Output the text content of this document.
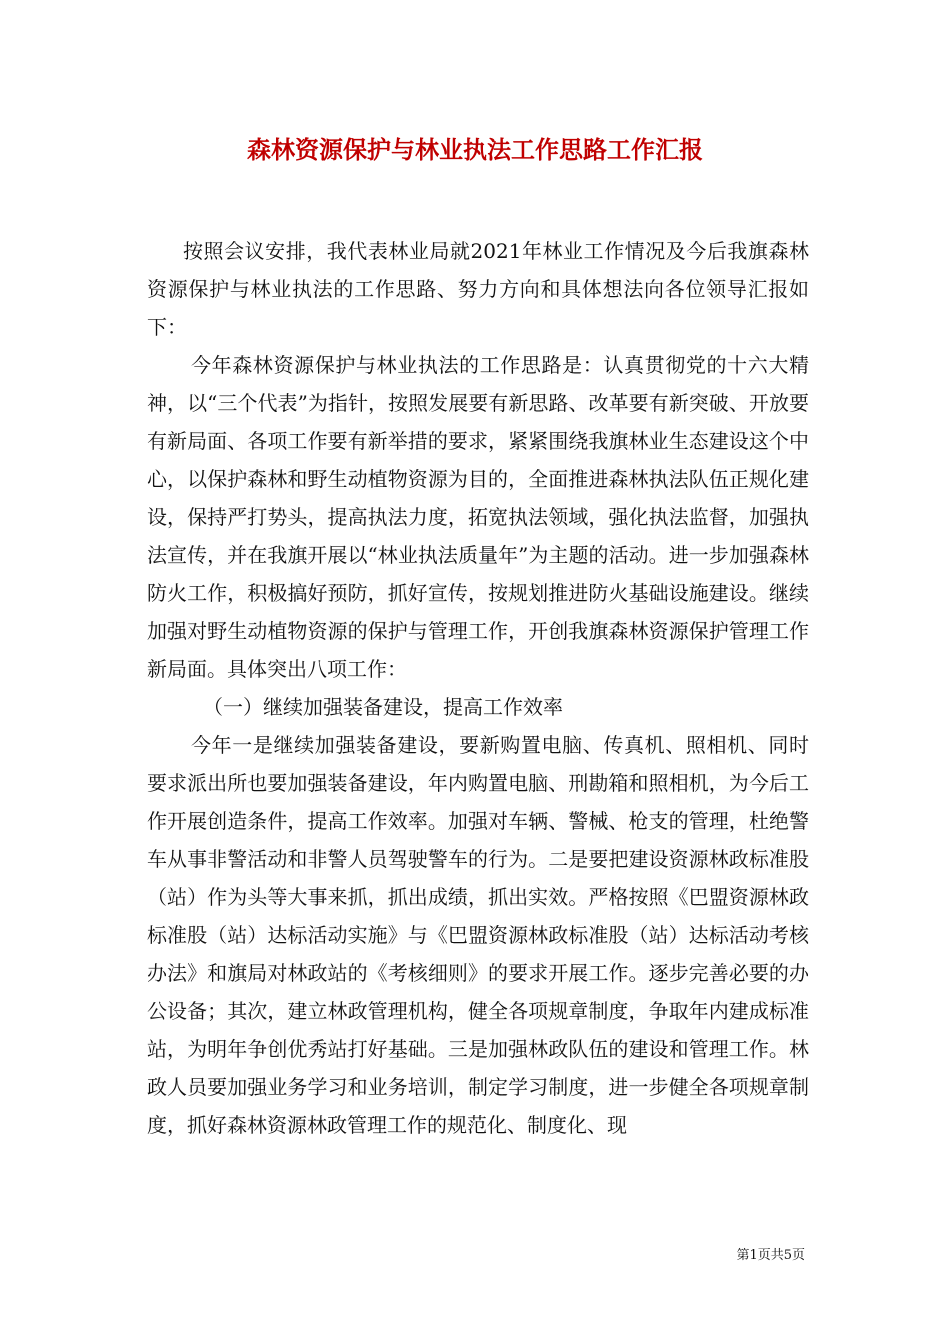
森林资源保护与林业执法工作思路工作汇报

按照会议安排，我代表林业局就2021年林业工作情况及今后我旗森林资源保护与林业执法的工作思路、努力方向和具体想法向各位领导汇报如下：

今年森林资源保护与林业执法的工作思路是：认真贯彻党的十六大精神，以“三个代表”为指针，按照发展要有新思路、改革要有新突破、开放要有新局面、各项工作要有新举措的要求，紧紧围绕我旗林业生态建设这个中心，以保护森林和野生动植物资源为目的，全面推进森林执法队伍正规化建设，保持严打势头，提高执法力度，拓宽执法领域，强化执法监督，加强执法宣传，并在我旗开展以“林业执法质量年”为主题的活动。进一步加强森林防火工作，积极搞好预防，抓好宣传，按规划推进防火基础设施建设。继续加强对野生动植物资源的保护与管理工作，开创我旗森林资源保护管理工作新局面。具体突出八项工作：

（一）继续加强装备建设，提高工作效率

今年一是继续加强装备建设，要新购置电脑、传真机、照相机、同时要求派出所也要加强装备建设，年内购置电脑、刑勘箱和照相机，为今后工作开展创造条件，提高工作效率。加强对车辆、警械、枪支的管理，杜绝警车从事非警活动和非警人员驾驶警车的行为。二是要把建设资源林政标准股（站）作为头等大事来抓，抓出成绩，抓出实效。严格按照《巴盟资源林政标准股（站）达标活动实施》与《巴盟资源林政标准股（站）达标活动考核办法》和旗局对林政站的《考核细则》的要求开展工作。逐步完善必要的办公设备；其次，建立林政管理机构，健全各项规章制度，争取年内建成标准站，为明年争创优秀站打好基础。三是加强林政队伍的建设和管理工作。林政人员要加强业务学习和业务培训，制定学习制度，进一步健全各项规章制度，抓好森林资源林政管理工作的规范化、制度化、现

第1页共5页
